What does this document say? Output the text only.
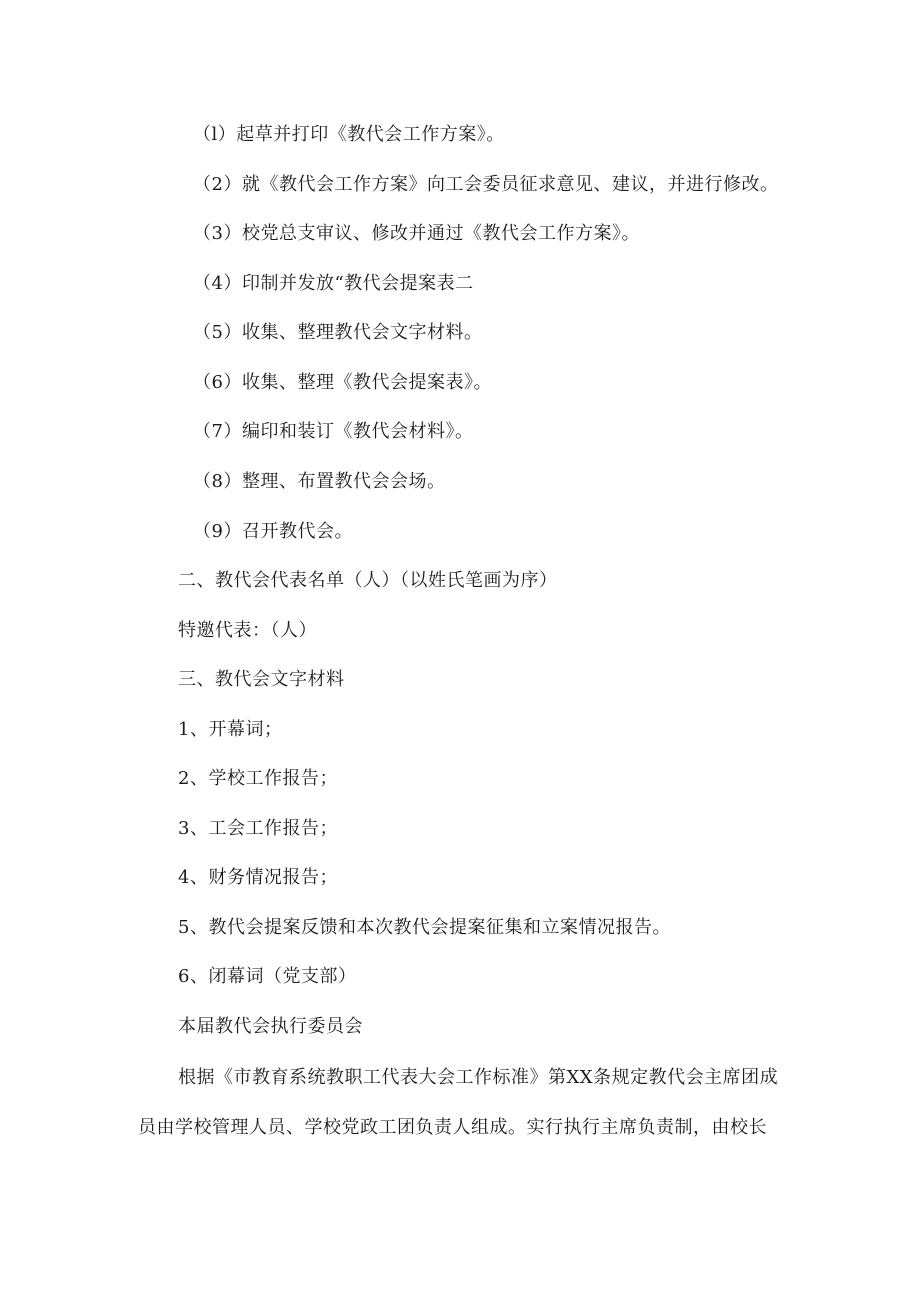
（l）起草并打印《教代会工作方案》。
（2）就《教代会工作方案》向工会委员征求意见、建议，并进行修改。
（3）校党总支审议、修改并通过《教代会工作方案》。
（4）印制并发放“教代会提案表二
（5）收集、整理教代会文字材料。
（6）收集、整理《教代会提案表》。
（7）编印和装订《教代会材料》。
（8）整理、布置教代会会场。
（9）召开教代会。
二、教代会代表名单（人）（以姓氏笔画为序）
特邀代表：（人）
三、教代会文字材料
1、开幕词；
2、学校工作报告；
3、工会工作报告；
4、财务情况报告；
5、教代会提案反馈和本次教代会提案征集和立案情况报告。
6、闭幕词（党支部）
本届教代会执行委员会
根据《市教育系统教职工代表大会工作标准》第XX条规定教代会主席团成
员由学校管理人员、学校党政工团负责人组成。实行执行主席负责制，由校长
